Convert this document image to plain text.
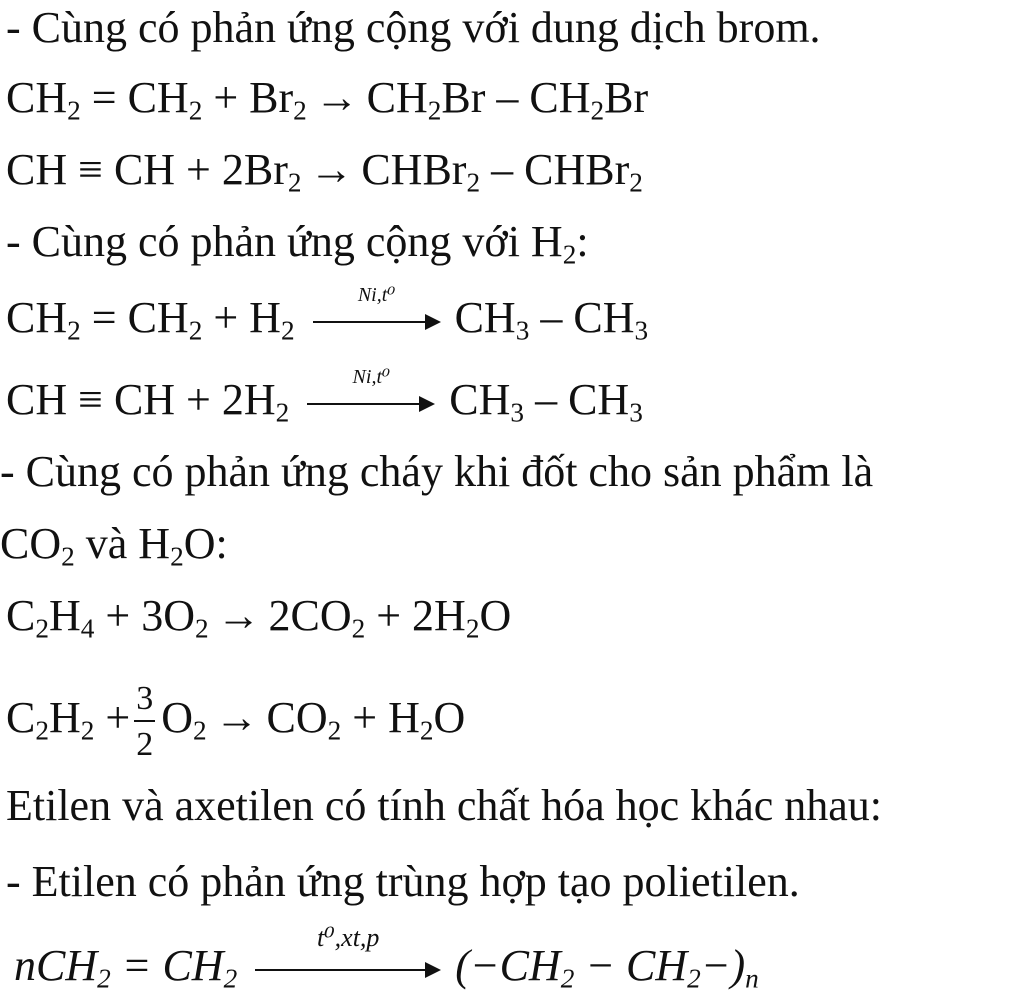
- Cùng có phản ứng cộng với dung dịch brom.
$CH_2 = CH_2 + Br_2 \to CH_2Br - CH_2Br$
CH ≡ CH + $2Br_2$ → CHBr$_2$ – CHBr$_2$
- Cùng có phản ứng cộng với $H_2$:
$CH_2 = CH_2 + H_2$
Ni,t⁰	$CH_3 - CH_3$
CH ≡ CH + $2H_2$
Ni,t⁰	$CH_3 - CH_3$
- Cùng có phản ứng cháy khi đốt cho sản phẩm là
$CO_2$ và $H_2O$:
$C_2H_4 + 3O_2 \to 2CO_2 + 2H_2O$
$C_2H_2 + \frac{3}{2} O_2 \to CO_2 + H_2O$
Etilen và axetilen có tính chất hóa học khác nhau:
- Etilen có phản ứng trùng hợp tạo polietilen.
$nCH_2 = CH_2$
t⁰,xt,p
$(-CH_2 - CH_2-)_n$
